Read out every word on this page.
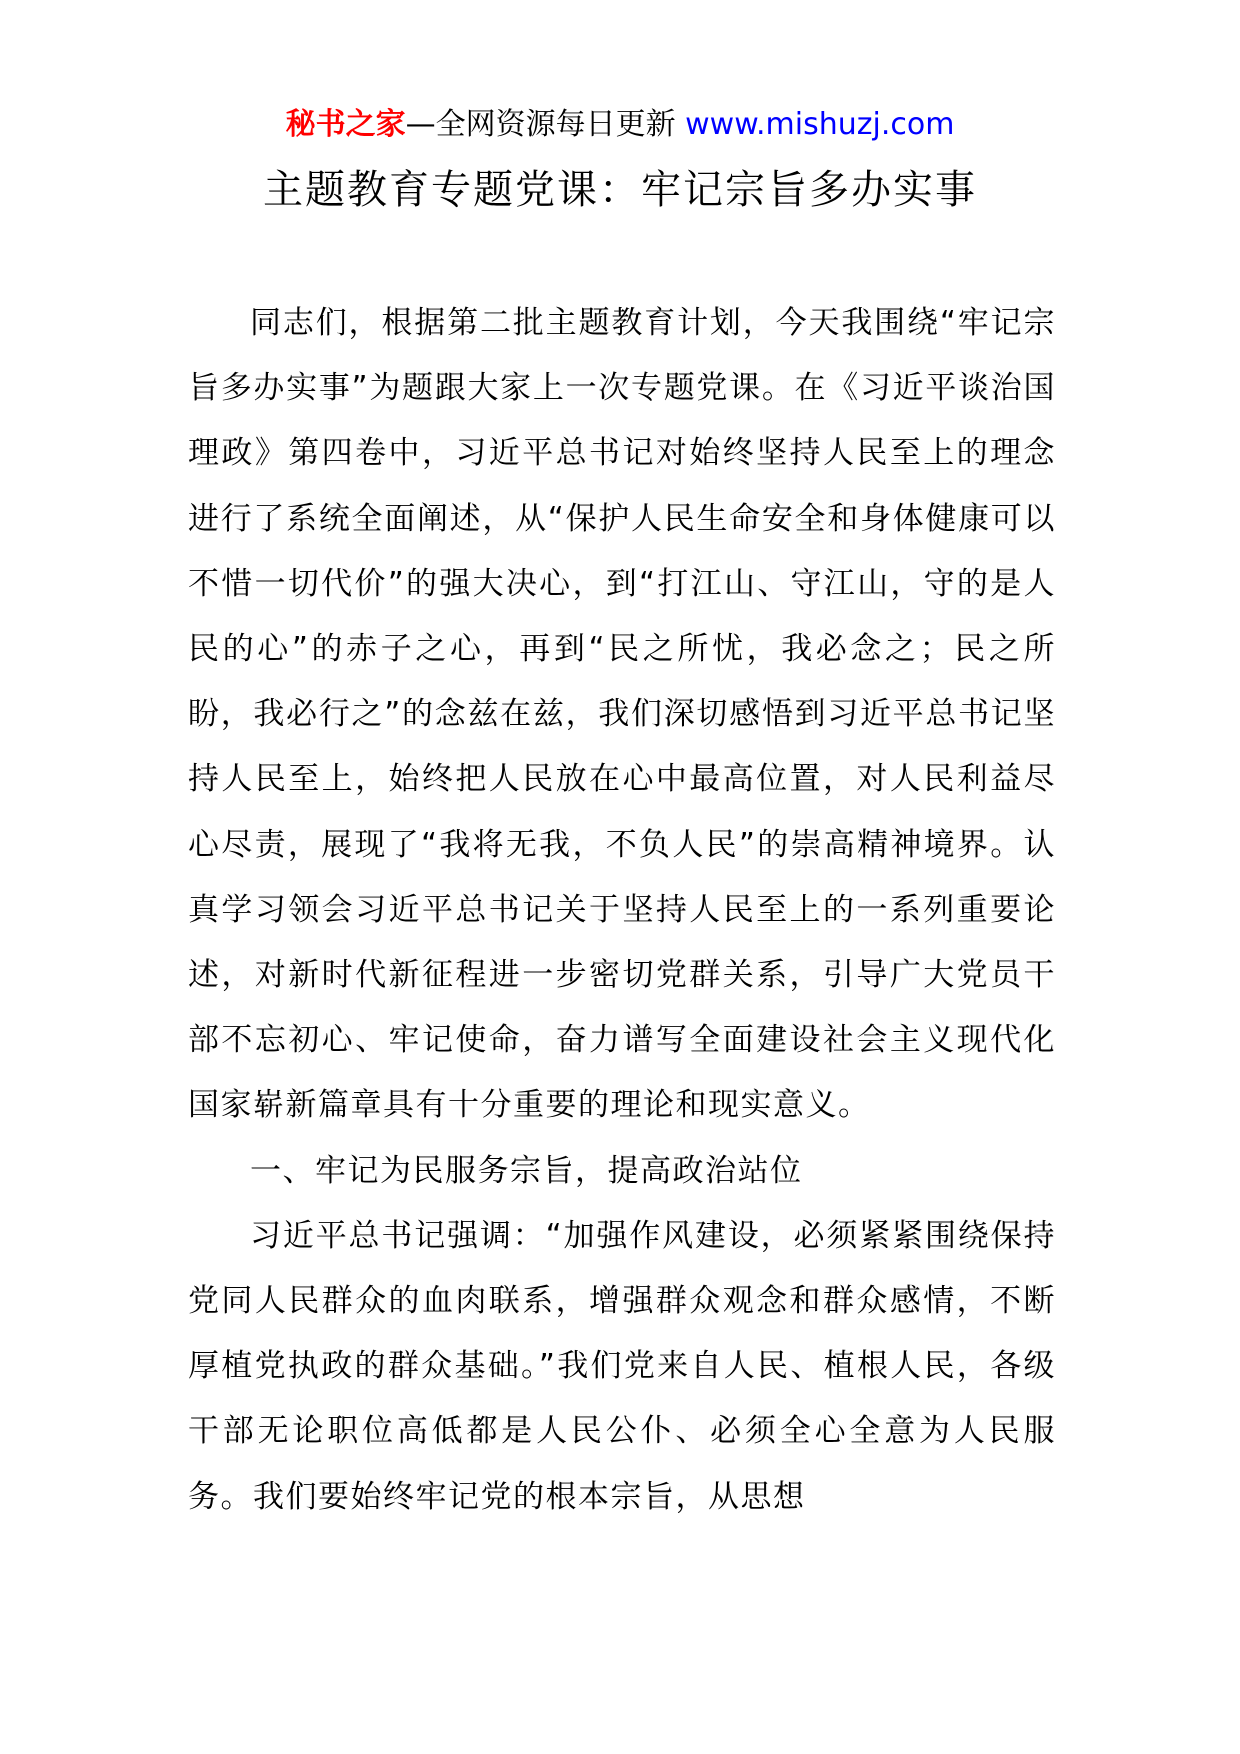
秘书之家—全网资源每日更新 www.mishuzj.com
主题教育专题党课：牢记宗旨多办实事

同志们，根据第二批主题教育计划，今天我围绕“牢记宗旨多办实事”为题跟大家上一次专题党课。在《习近平谈治国理政》第四卷中，习近平总书记对始终坚持人民至上的理念进行了系统全面阐述，从“保护人民生命安全和身体健康可以不惜一切代价”的强大决心，到“打江山、守江山，守的是人民的心”的赤子之心，再到“民之所忧，我必念之；民之所盼，我必行之”的念兹在兹，我们深切感悟到习近平总书记坚持人民至上，始终把人民放在心中最高位置，对人民利益尽心尽责，展现了“我将无我，不负人民”的崇高精神境界。认真学习领会习近平总书记关于坚持人民至上的一系列重要论述，对新时代新征程进一步密切党群关系，引导广大党员干部不忘初心、牢记使命，奋力谱写全面建设社会主义现代化国家崭新篇章具有十分重要的理论和现实意义。

一、牢记为民服务宗旨，提高政治站位

习近平总书记强调：“加强作风建设，必须紧紧围绕保持党同人民群众的血肉联系，增强群众观念和群众感情，不断厚植党执政的群众基础。”我们党来自人民、植根人民，各级干部无论职位高低都是人民公仆、必须全心全意为人民服务。我们要始终牢记党的根本宗旨，从思想
